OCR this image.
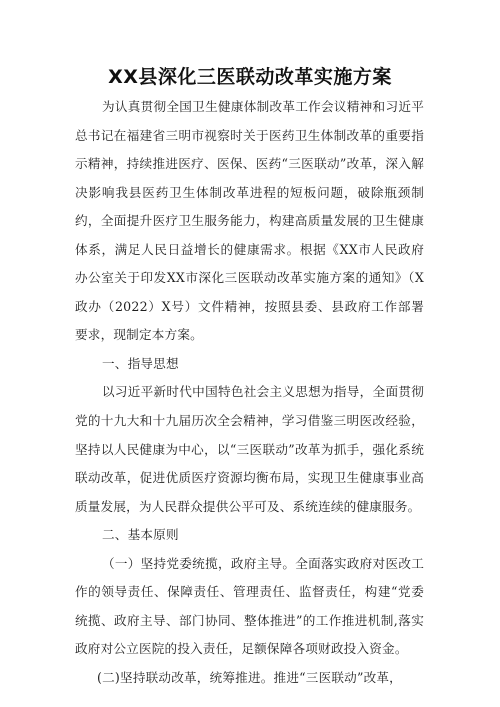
XX县深化三医联动改革实施方案

为认真贯彻全国卫生健康体制改革工作会议精神和习近平总书记在福建省三明市视察时关于医药卫生体制改革的重要指示精神，持续推进医疗、医保、医药“三医联动”改革，深入解决影响我县医药卫生体制改革进程的短板问题，破除瓶颈制约，全面提升医疗卫生服务能力，构建高质量发展的卫生健康体系，满足人民日益增长的健康需求。根据《XX市人民政府办公室关于印发XX市深化三医联动改革实施方案的通知》（X政办（2022）X号）文件精神，按照县委、县政府工作部署要求，现制定本方案。

一、指导思想

以习近平新时代中国特色社会主义思想为指导，全面贯彻党的十九大和十九届历次全会精神，学习借鉴三明医改经验，坚持以人民健康为中心，以“三医联动”改革为抓手，强化系统联动改革，促进优质医疗资源均衡布局，实现卫生健康事业高质量发展，为人民群众提供公平可及、系统连续的健康服务。

二、基本原则

（一）坚持党委统揽，政府主导。全面落实政府对医改工作的领导责任、保障责任、管理责任、监督责任，构建“党委统揽、政府主导、部门协同、整体推进”的工作推进机制,落实政府对公立医院的投入责任，足额保障各项财政投入资金。

(二)坚持联动改革，统筹推进。推进“三医联动”改革，
